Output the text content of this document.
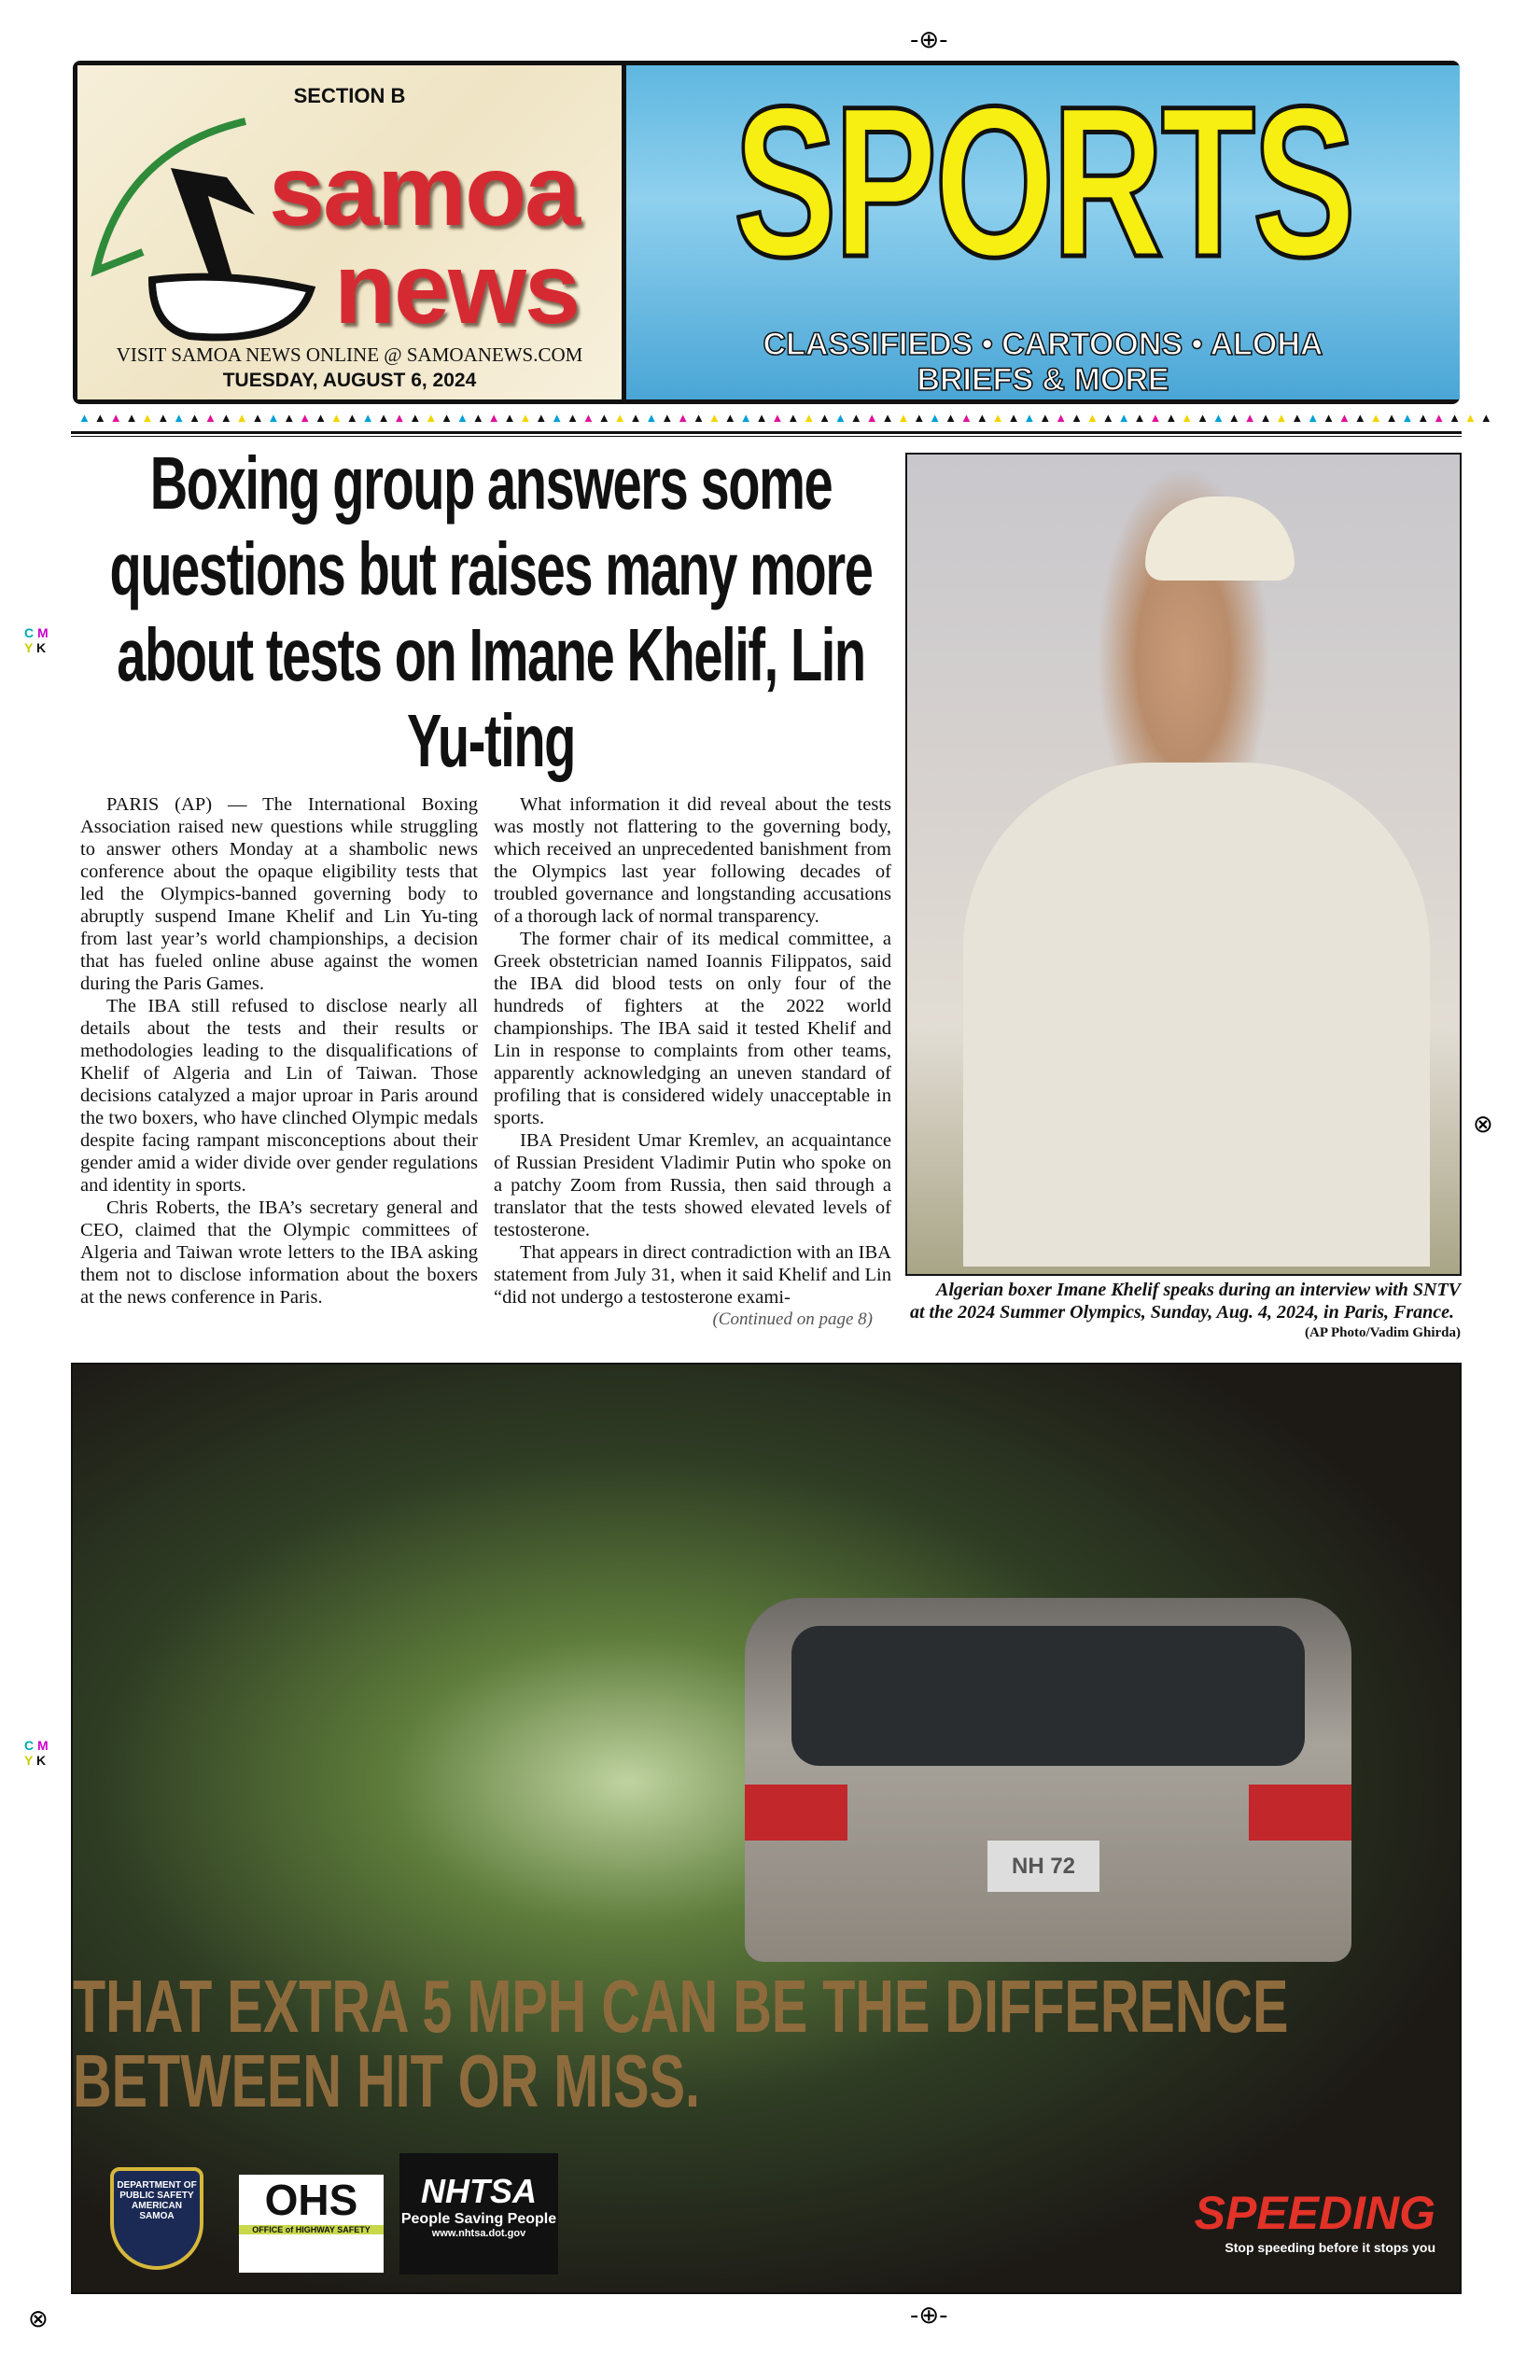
-⊕-
-⊕-
⊗
⊗
C M
Y K
C M
Y K
SECTION B
samoa
news
VISIT SAMOA NEWS ONLINE @ SAMOANEWS.COM
TUESDAY, AUGUST 6, 2024
SPORTS
CLASSIFIEDS • CARTOONS • ALOHA
BRIEFS & MORE
▲▲▲▲▲▲▲▲▲▲▲▲▲▲▲▲▲▲▲▲▲▲▲▲▲▲▲▲▲▲▲▲▲▲▲▲▲▲▲▲▲▲▲▲▲▲▲▲▲▲▲▲▲▲▲▲▲▲▲▲▲▲▲▲▲▲▲▲▲▲▲▲▲▲▲▲▲▲▲▲▲▲▲▲▲▲▲▲▲▲
Boxing group answers some questions but raises many more about tests on Imane Khelif, Lin Yu-ting

PARIS (AP) — The International Boxing Association raised new questions while struggling to answer others Monday at a shambolic news conference about the opaque eligibility tests that led the Olympics-banned governing body to abruptly suspend Imane Khelif and Lin Yu-ting from last year’s world championships, a decision that has fueled online abuse against the women during the Paris Games.

The IBA still refused to disclose nearly all details about the tests and their results or methodologies leading to the disqualifications of Khelif of Algeria and Lin of Taiwan. Those decisions catalyzed a major uproar in Paris around the two boxers, who have clinched Olympic medals despite facing rampant misconceptions about their gender amid a wider divide over gender regulations and identity in sports.

Chris Roberts, the IBA’s secretary general and CEO, claimed that the Olympic committees of Algeria and Taiwan wrote letters to the IBA asking them not to disclose information about the boxers at the news conference in Paris.

What information it did reveal about the tests was mostly not flattering to the governing body, which received an unprecedented banishment from the Olympics last year following decades of troubled governance and longstanding accusations of a thorough lack of normal transparency.

The former chair of its medical committee, a Greek obstetrician named Ioannis Filippatos, said the IBA did blood tests on only four of the hundreds of fighters at the 2022 world championships. The IBA said it tested Khelif and Lin in response to complaints from other teams, apparently acknowledging an uneven standard of profiling that is considered widely unacceptable in sports.

IBA President Umar Kremlev, an acquaintance of Russian President Vladimir Putin who spoke on a patchy Zoom from Russia, then said through a translator that the tests showed elevated levels of testosterone.

That appears in direct contradiction with an IBA statement from July 31, when it said Khelif and Lin “did not undergo a testosterone exami-

(Continued on page 8)
Algerian boxer Imane Khelif speaks during an interview with SNTV at the 2024 Summer Olympics, Sunday, Aug. 4, 2024, in Paris, France.
(AP Photo/Vadim Ghirda)
NH 72
THAT EXTRA 5 MPH CAN BE THE DIFFERENCE
BETWEEN HIT OR MISS.
DEPARTMENT OF PUBLIC SAFETY AMERICAN SAMOA	OHS
OFFICE of HIGHWAY SAFETY
NHTSA
People Saving People
www.nhtsa.dot.gov	SPEEDING
Stop speeding before it stops you
